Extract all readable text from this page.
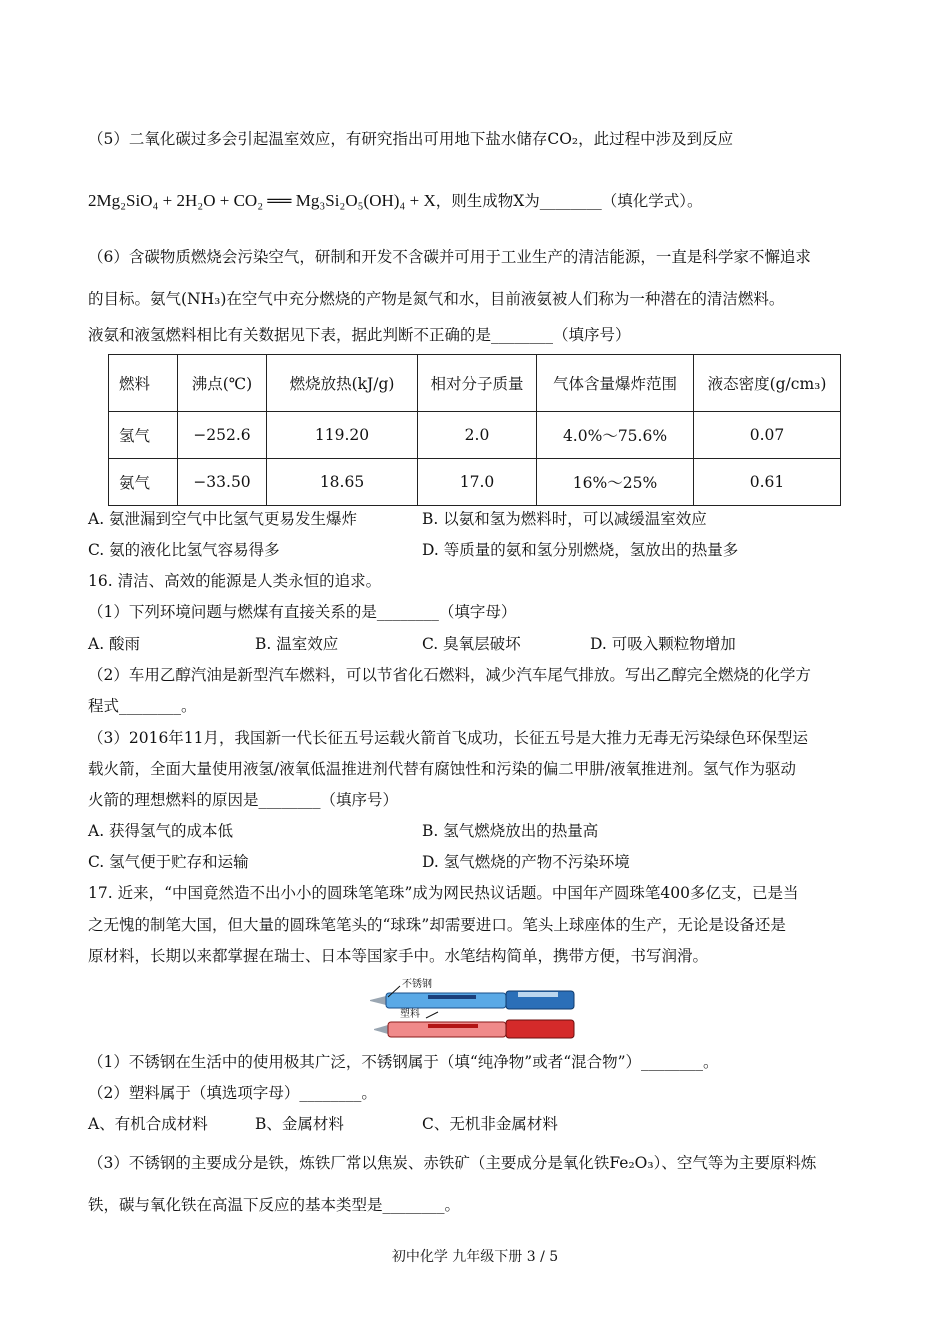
（5）二氧化碳过多会引起温室效应，有研究指出可用地下盐水储存CO₂，此过程中涉及到反应
2Mg₂SiO₄ + 2H₂O + CO₂ ══ Mg₃Si₂O₅(OH)₄ + X，则生成物X为________（填化学式）。
（6）含碳物质燃烧会污染空气，研制和开发不含碳并可用于工业生产的清洁能源，一直是科学家不懈追求
的目标。氨气(NH₃)在空气中充分燃烧的产物是氮气和水，目前液氨被人们称为一种潜在的清洁燃料。
液氨和液氢燃料相比有关数据见下表，据此判断不正确的是________（填序号）
燃料	沸点(℃)	燃烧放热(kJ/g)	相对分子质量	气体含量爆炸范围	液态密度(g/cm₃)
氢气	−252.6	119.20	2.0	4.0%～75.6%	0.07
氨气	−33.50	18.65	17.0	16%～25%	0.61
A. 氨泄漏到空气中比氢气更易发生爆炸	B. 以氨和氢为燃料时，可以减缓温室效应
C. 氨的液化比氢气容易得多	D. 等质量的氨和氢分别燃烧，氢放出的热量多
16. 清洁、高效的能源是人类永恒的追求。
（1）下列环境问题与燃煤有直接关系的是________（填字母）
A. 酸雨	B. 温室效应	C. 臭氧层破坏	D. 可吸入颗粒物增加
（2）车用乙醇汽油是新型汽车燃料，可以节省化石燃料，减少汽车尾气排放。写出乙醇完全燃烧的化学方
程式________。
（3）2016年11月，我国新一代长征五号运载火箭首飞成功，长征五号是大推力无毒无污染绿色环保型运
载火箭，全面大量使用液氢/液氧低温推进剂代替有腐蚀性和污染的偏二甲肼/液氧推进剂。氢气作为驱动
火箭的理想燃料的原因是________（填序号）
A. 获得氢气的成本低	B. 氢气燃烧放出的热量高
C. 氢气便于贮存和运输	D. 氢气燃烧的产物不污染环境
17. 近来，“中国竟然造不出小小的圆珠笔笔珠”成为网民热议话题。中国年产圆珠笔400多亿支，已是当
之无愧的制笔大国，但大量的圆珠笔笔头的“球珠”却需要进口。笔头上球座体的生产，无论是设备还是
原材料，长期以来都掌握在瑞士、日本等国家手中。水笔结构简单，携带方便，书写润滑。
不锈钢
塑料
（1）不锈钢在生活中的使用极其广泛，不锈钢属于（填“纯净物”或者“混合物”）________。
（2）塑料属于（填选项字母）________。
A、有机合成材料	B、金属材料	C、无机非金属材料
（3）不锈钢的主要成分是铁，炼铁厂常以焦炭、赤铁矿（主要成分是氧化铁Fe₂O₃）、空气等为主要原料炼
铁，碳与氧化铁在高温下反应的基本类型是________。
初中化学 九年级下册 3 / 5
